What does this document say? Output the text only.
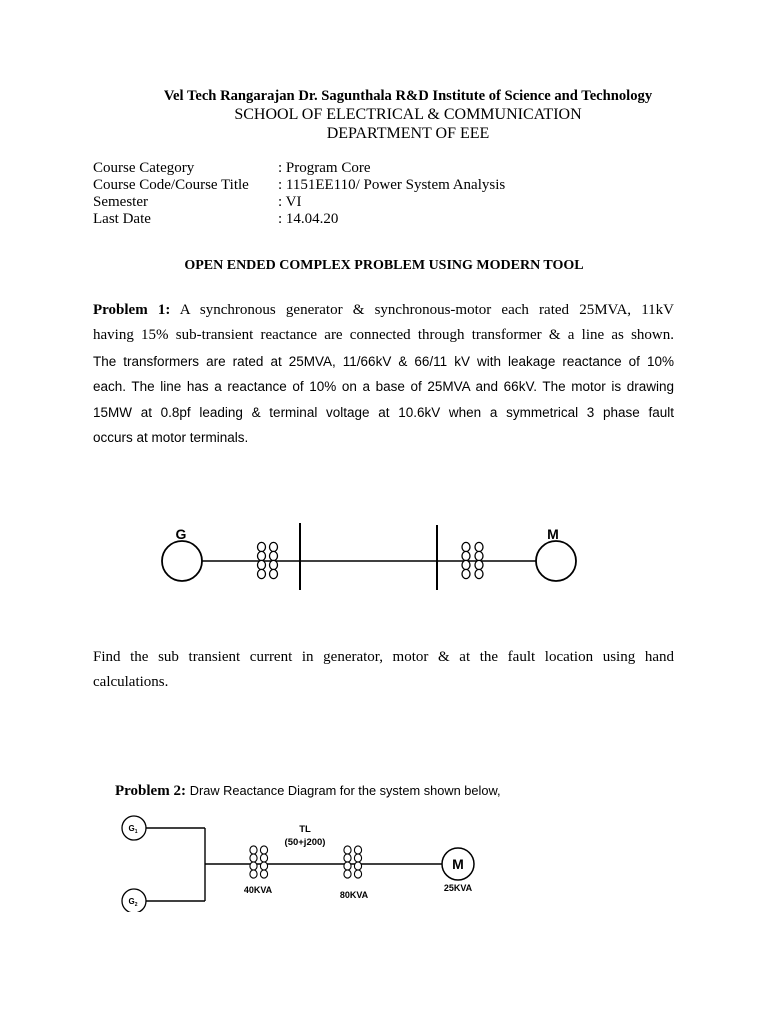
Vel Tech Rangarajan Dr. Sagunthala R&D Institute of Science and Technology
SCHOOL OF ELECTRICAL & COMMUNICATION
DEPARTMENT OF EEE
Course Category	: Program Core
Course Code/Course Title : 1151EE110/ Power System Analysis
Semester	: VI
Last Date	: 14.04.20
OPEN ENDED COMPLEX PROBLEM USING MODERN TOOL
Problem 1: A synchronous generator & synchronous-motor each rated 25MVA, 11kV
having 15% sub-transient reactance are connected through transformer & a line as shown.
The transformers are rated at 25MVA, 11/66kV & 66/11 kV with leakage reactance of 10%
each. The line has a reactance of 10% on a base of 25MVA and 66kV. The motor is drawing
15MW at 0.8pf leading & terminal voltage at 10.6kV when a symmetrical 3 phase fault
occurs at motor terminals.
G	M
Find the sub transient current in generator, motor & at the fault location using hand
calculations.
Problem 2: Draw Reactance Diagram for the system shown below,
$G_1$
$G_2$
TL
(50+j200)
40KVA	80KVA
M
25KVA
